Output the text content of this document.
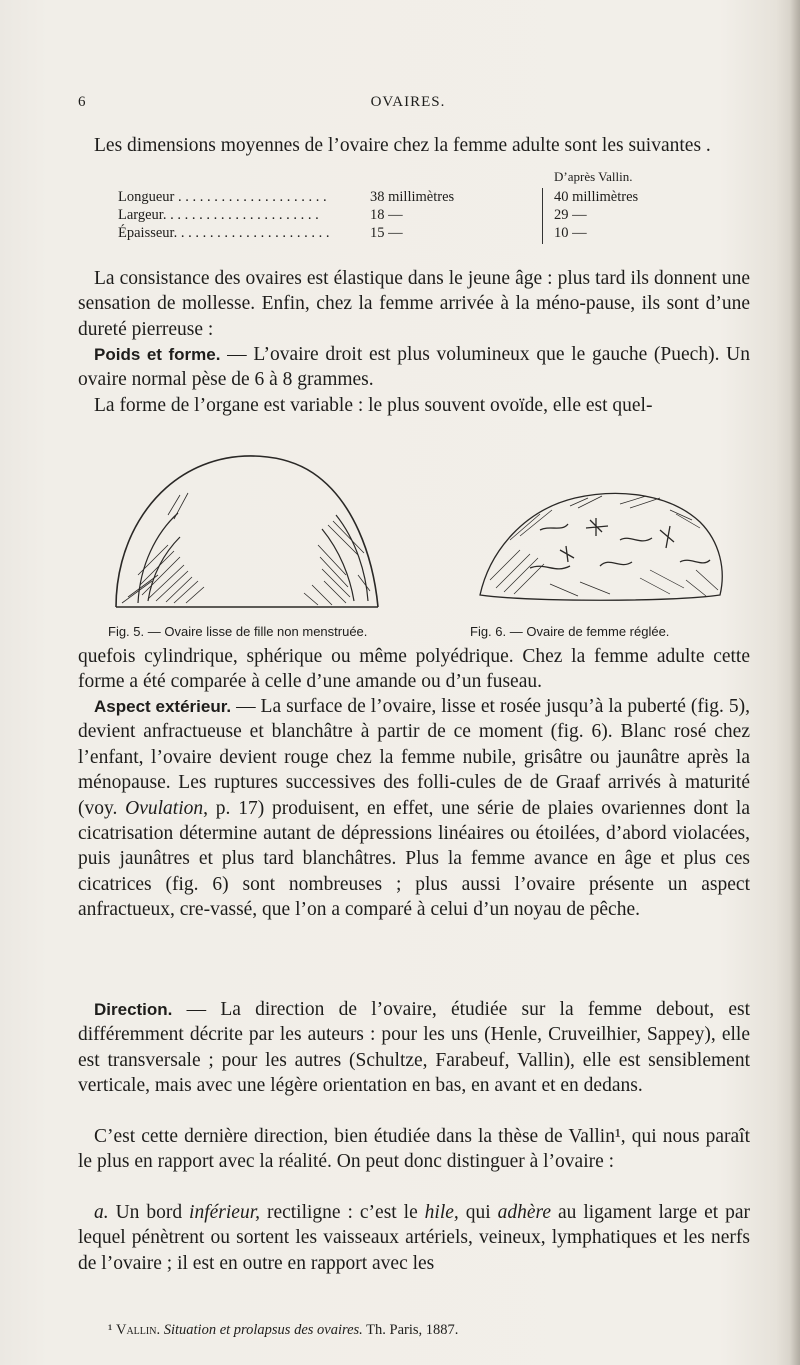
6	OVAIRES.

Les dimensions moyennes de l’ovaire chez la femme adulte sont les suivantes .

D’après Vallin.
Longueur . . . . . . . . . . . . . . . . . . . . .	38 millimètres	40 millimètres
Largeur. . . . . . . . . . . . . . . . . . . . . .	18 —	29 —
Épaisseur. . . . . . . . . . . . . . . . . . . . . .	15 —	10 —

La consistance des ovaires est élastique dans le jeune âge : plus tard ils donnent une sensation de mollesse. Enfin, chez la femme arrivée à la méno-pause, ils sont d’une dureté pierreuse :

Poids et forme. — L’ovaire droit est plus volumineux que le gauche (Puech). Un ovaire normal pèse de 6 à 8 grammes.

La forme de l’organe est variable : le plus souvent ovoïde, elle est quel-

Fig. 5. — Ovaire lisse de fille non menstruée.	Fig. 6. — Ovaire de femme réglée.

quefois cylindrique, sphérique ou même polyédrique. Chez la femme adulte cette forme a été comparée à celle d’une amande ou d’un fuseau.

Aspect extérieur. — La surface de l’ovaire, lisse et rosée jusqu’à la puberté (fig. 5), devient anfractueuse et blanchâtre à partir de ce moment (fig. 6). Blanc rosé chez l’enfant, l’ovaire devient rouge chez la femme nubile, grisâtre ou jaunâtre après la ménopause. Les ruptures successives des folli-cules de de Graaf arrivés à maturité (voy. Ovulation, p. 17) produisent, en effet, une série de plaies ovariennes dont la cicatrisation détermine autant de dépressions linéaires ou étoilées, d’abord violacées, puis jaunâtres et plus tard blanchâtres. Plus la femme avance en âge et plus ces cicatrices (fig. 6) sont nombreuses ; plus aussi l’ovaire présente un aspect anfractueux, cre-vassé, que l’on a comparé à celui d’un noyau de pêche.

Direction. — La direction de l’ovaire, étudiée sur la femme debout, est différemment décrite par les auteurs : pour les uns (Henle, Cruveilhier, Sappey), elle est transversale ; pour les autres (Schultze, Farabeuf, Vallin), elle est sensiblement verticale, mais avec une légère orientation en bas, en avant et en dedans.

C’est cette dernière direction, bien étudiée dans la thèse de Vallin¹, qui nous paraît le plus en rapport avec la réalité. On peut donc distinguer à l’ovaire :

a. Un bord inférieur, rectiligne : c’est le hile, qui adhère au ligament large et par lequel pénètrent ou sortent les vaisseaux artériels, veineux, lymphatiques et les nerfs de l’ovaire ; il est en outre en rapport avec les

¹ Vallin. Situation et prolapsus des ovaires. Th. Paris, 1887.
